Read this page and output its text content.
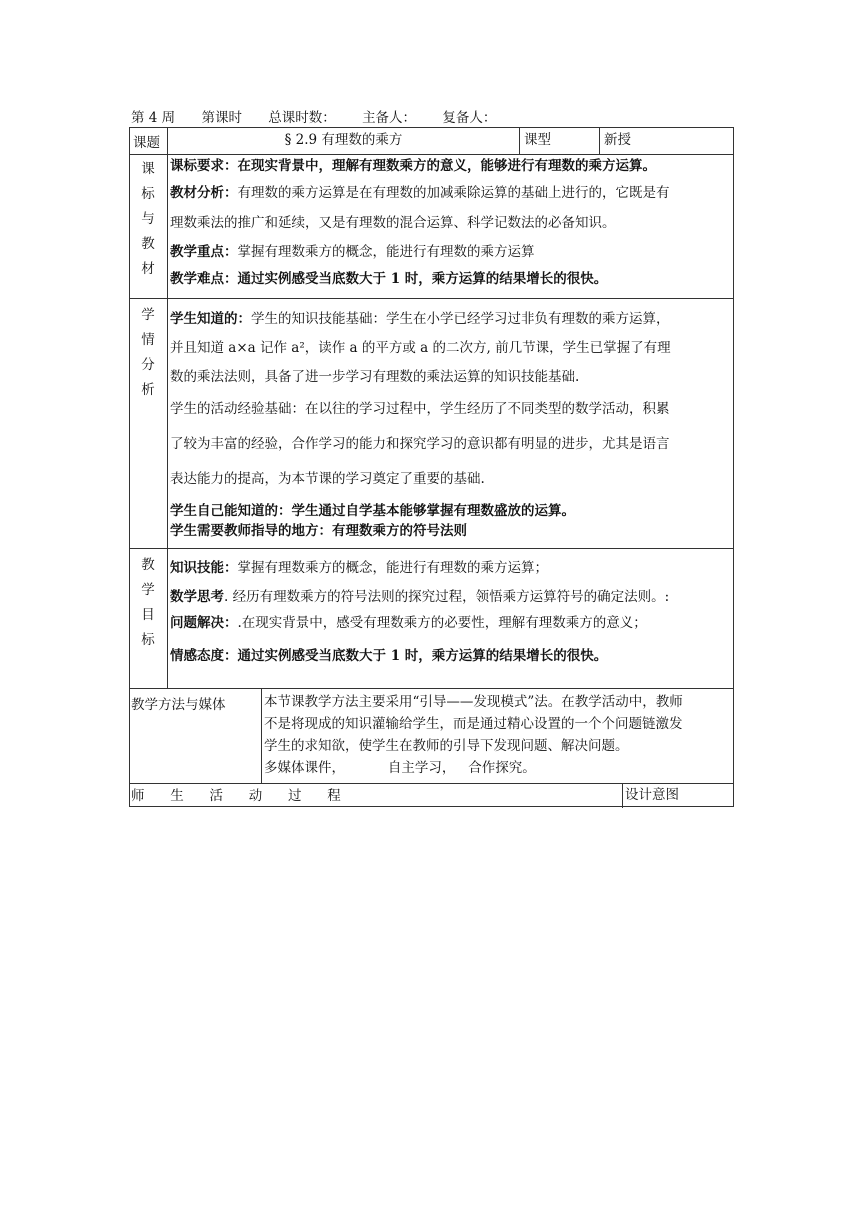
第 4 周 第课时 总课时数： 主备人： 复备人：
课题	§ 2.9 有理数的乘方	课型	新授
课
标
与
教
材

课标要求：在现实背景中，理解有理数乘方的意义，能够进行有理数的乘方运算。

教材分析：有理数的乘方运算是在有理数的加减乘除运算的基础上进行的，它既是有

理数乘法的推广和延续，又是有理数的混合运算、科学记数法的必备知识。

教学重点：掌握有理数乘方的概念，能进行有理数的乘方运算

教学难点：通过实例感受当底数大于 1 时，乘方运算的结果增长的很快。

学
情
分
析

学生知道的：学生的知识技能基础：学生在小学已经学习过非负有理数的乘方运算，

并且知道 a×a 记作 a²，读作 a 的平方或 a 的二次方, 前几节课，学生已掌握了有理

数的乘法法则，具备了进一步学习有理数的乘法运算的知识技能基础.

学生的活动经验基础：在以往的学习过程中，学生经历了不同类型的数学活动，积累

了较为丰富的经验，合作学习的能力和探究学习的意识都有明显的进步，尤其是语言

表达能力的提高，为本节课的学习奠定了重要的基础.

学生自己能知道的：学生通过自学基本能够掌握有理数盛放的运算。

学生需要教师指导的地方：有理数乘方的符号法则

教
学
目
标

知识技能：掌握有理数乘方的概念，能进行有理数的乘方运算；

数学思考. 经历有理数乘方的符号法则的探究过程，领悟乘方运算符号的确定法则。:

问题解决：.在现实背景中，感受有理数乘方的必要性，理解有理数乘方的意义；

情感态度：通过实例感受当底数大于 1 时，乘方运算的结果增长的很快。

教学方法与媒体	本节课教学方法主要采用“引导——发现模式”法。在教学活动中，教师

不是将现成的知识灌输给学生，而是通过精心设置的一个个问题链激发

学生的求知欲，使学生在教师的引导下发现问题、解决问题。

多媒体课件，          自主学习，   合作探究。

师      生      活      动      过      程	设计意图
